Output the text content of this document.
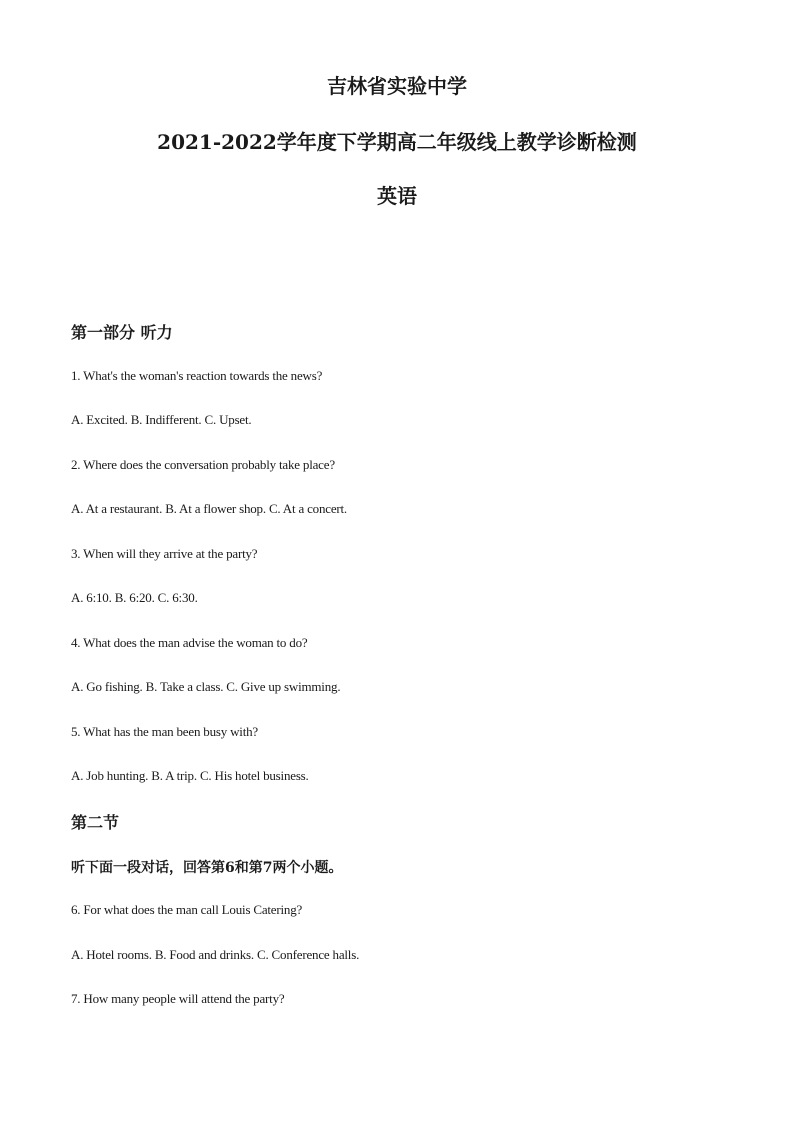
吉林省实验中学
2021-2022学年度下学期高二年级线上教学诊断检测
英语
第一部分 听力
1. What's the woman's reaction towards the news?
A. Excited. B. Indifferent. C. Upset.
2. Where does the conversation probably take place?
A. At a restaurant. B. At a flower shop. C. At a concert.
3. When will they arrive at the party?
A. 6:10. B. 6:20. C. 6:30.
4. What does the man advise the woman to do?
A. Go fishing. B. Take a class. C. Give up swimming.
5. What has the man been busy with?
A. Job hunting. B. A trip. C. His hotel business.
第二节
听下面一段对话，回答第6和第7两个小题。
6. For what does the man call Louis Catering?
A. Hotel rooms. B. Food and drinks. C. Conference halls.
7. How many people will attend the party?
